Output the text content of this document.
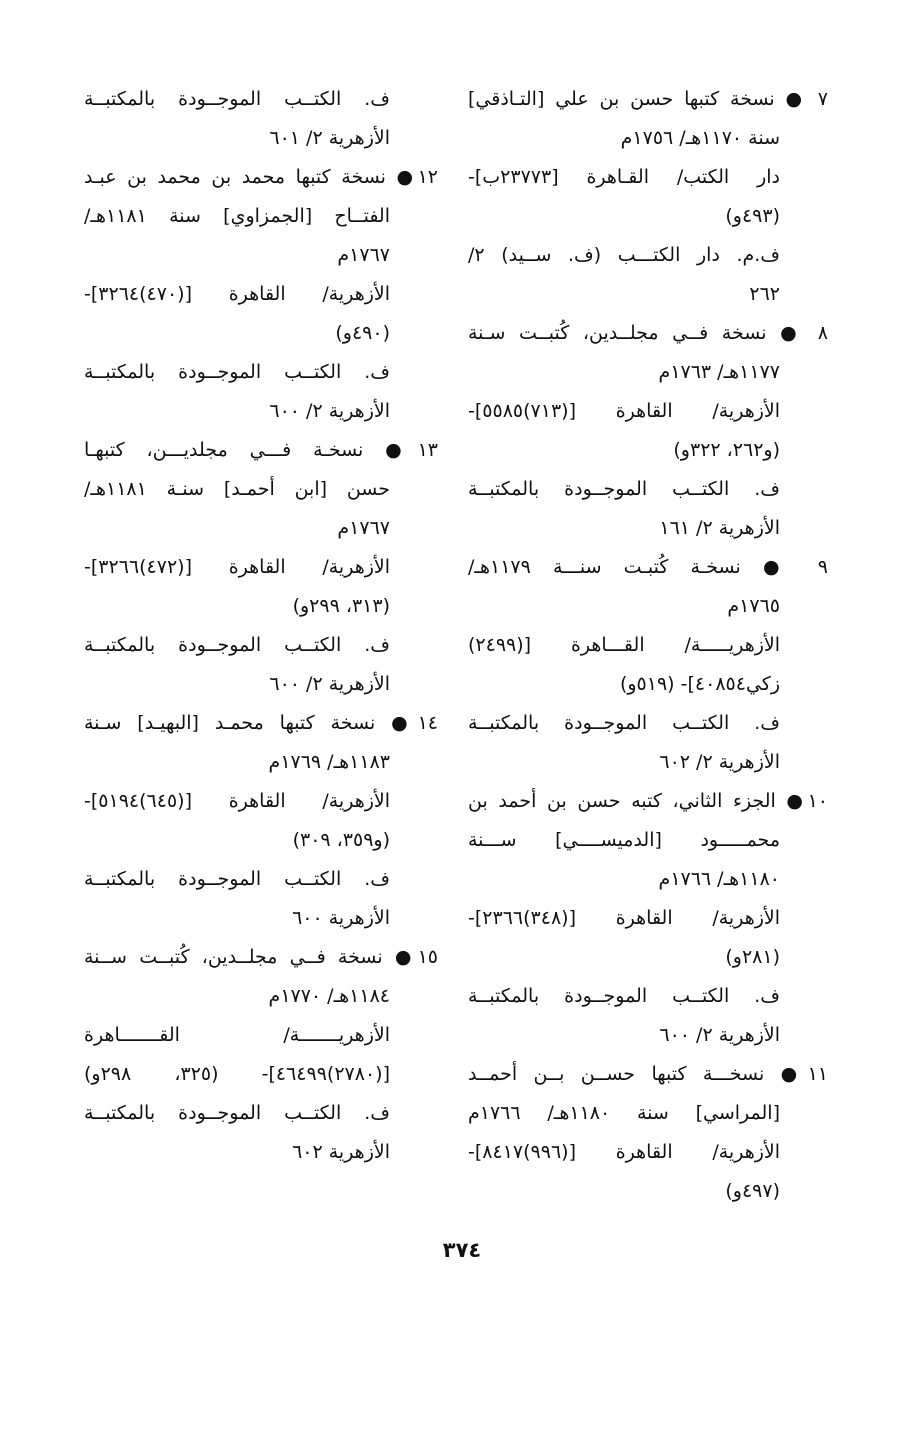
٧ ● نسخة كتبها حسن بن علي [التـاذقي]
سنة ١١٧٠هـ/ ١٧٥٦م
دار الكتب/ القـاهرة [٢٣٧٧٣ب]-
(٤٩٣و)
ف.م. دار الكتـــب (ف. ســيد) ٢/
٢٦٢
٨ ● نسخة فــي مجلــدين، كُتبــت سـنة
١١٧٧هـ/ ١٧٦٣م
الأزهرية/ القاهرة [(٧١٣)٥٥٨٥]-
(و٢٦٢، ٣٢٢و)
ف. الكتــب الموجــودة بالمكتبــة
الأزهرية ٢/ ١٦١
٩ ● نسخـة كُتبـت سنـــة ١١٧٩هـ/
١٧٦٥م
الأزهريـــــة/ القـــاهرة [(٢٤٩٩)
زكي٤٠٨٥٤]- (٥١٩و)
ف. الكتــب الموجــودة بالمكتبــة
الأزهرية ٢/ ٦٠٢
١٠● الجزء الثاني، كتبه حسن بن أحمد بن
محمـــــود [الدميســــي] ســـنة
١١٨٠هـ/ ١٧٦٦م
الأزهرية/ القاهرة [(٣٤٨)٢٣٦٦]-
(٢٨١و)
ف. الكتــب الموجــودة بالمكتبــة
الأزهرية ٢/ ٦٠٠
١١● نسخـــة كتبها حســن بــن أحمــد
[المراسي] سنة ١١٨٠هـ/ ١٧٦٦م
الأزهرية/ القاهرة [(٩٩٦)٨٤١٧]-
(٤٩٧و)
ف. الكتــب الموجــودة بالمكتبــة
الأزهرية ٢/ ٦٠١
١٢● نسخة كتبها محمد بن محمد بن عبـد
الفتــاح [الجمزاوي] سنة ١١٨١هـ/
١٧٦٧م
الأزهرية/ القاهرة [(٤٧٠)٣٢٦٤]-
(٤٩٠و)
ف. الكتــب الموجــودة بالمكتبــة
الأزهرية ٢/ ٦٠٠
١٣● نسخـة فـــي مجلديـــن، كتبهـا
حسن [ابن أحمـد] سنـة ١١٨١هـ/
١٧٦٧م
الأزهرية/ القاهرة [(٤٧٢)٣٢٦٦]-
(٣١٣، ٢٩٩و)
ف. الكتــب الموجــودة بالمكتبــة
الأزهرية ٢/ ٦٠٠
١٤● نسخة كتبها محمـد [البهيـد] سـنة
١١٨٣هـ/ ١٧٦٩م
الأزهرية/ القاهرة [(٦٤٥)٥١٩٤]-
(و٣٥٩، ٣٠٩)
ف. الكتــب الموجــودة بالمكتبــة
الأزهرية ٦٠٠
١٥● نسخة فــي مجلــدين، كُتبــت ســنة
١١٨٤هـ/ ١٧٧٠م
الأزهريـــــــة/ القـــــــاهرة
[(٢٧٨٠)٤٦٤٩٩]- (٣٢٥، ٢٩٨و)
ف. الكتــب الموجــودة بالمكتبــة
الأزهرية ٦٠٢
٣٧٤
